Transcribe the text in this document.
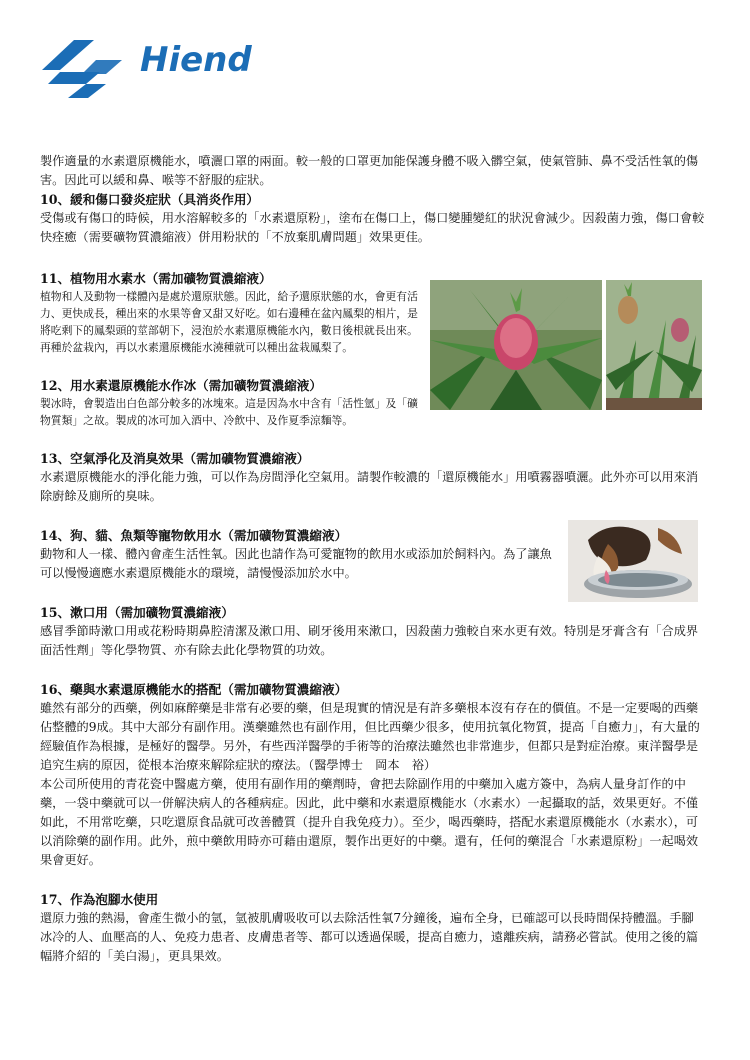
Hiend

製作適量的水素還原機能水，噴灑口罩的兩面。較一般的口罩更加能保護身體不吸入髒空氣，使氣管肺、鼻不受活性氧的傷害。因此可以緩和鼻、喉等不舒服的症狀。

10、緩和傷口發炎症狀（具消炎作用）

受傷或有傷口的時候，用水溶解較多的「水素還原粉」，塗布在傷口上，傷口變腫變紅的狀況會減少。因殺菌力強，傷口會較快痊癒（需要礦物質濃縮液）併用粉狀的「不放棄肌膚問題」效果更佳。

11、植物用水素水（需加礦物質濃縮液）

植物和人及動物一樣體內是處於還原狀態。因此，給予還原狀態的水，會更有活力、更快成長，種出來的水果等會又甜又好吃。如右邊種在盆內鳳梨的相片，是將吃剩下的鳳梨頭的莖部朝下，浸泡於水素還原機能水內，數日後根就長出來。再種於盆栽內，再以水素還原機能水澆種就可以種出盆栽鳳梨了。

12、用水素還原機能水作冰（需加礦物質濃縮液）

製冰時，會製造出白色部分較多的冰塊來。這是因為水中含有「活性氫」及「礦物質類」之故。製成的冰可加入酒中、冷飲中、及作夏季涼麵等。

13、空氣淨化及消臭效果（需加礦物質濃縮液）

水素還原機能水的淨化能力強，可以作為房間淨化空氣用。請製作較濃的「還原機能水」用噴霧器噴灑。此外亦可以用來消除廚餘及廁所的臭味。

14、狗、貓、魚類等寵物飲用水（需加礦物質濃縮液）

動物和人一樣、體內會產生活性氧。因此也請作為可愛寵物的飲用水或添加於飼料內。為了讓魚可以慢慢適應水素還原機能水的環境，請慢慢添加於水中。

15、漱口用（需加礦物質濃縮液）

感冒季節時漱口用或花粉時期鼻腔清潔及漱口用、刷牙後用來漱口，因殺菌力強較自來水更有效。特別是牙膏含有「合成界面活性劑」等化學物質、亦有除去此化學物質的功效。

16、藥與水素還原機能水的搭配（需加礦物質濃縮液）

雖然有部分的西藥，例如麻醉藥是非常有必要的藥，但是現實的情況是有許多藥根本沒有存在的價值。不是一定要喝的西藥佔整體的9成。其中大部分有副作用。漢藥雖然也有副作用，但比西藥少很多，使用抗氧化物質，提高「自癒力」，有大量的經驗值作為根據，是極好的醫學。另外，有些西洋醫學的手術等的治療法雖然也非常進步，但都只是對症治療。東洋醫學是追究生病的原因，從根本治療來解除症狀的療法。（醫學博士　岡本　裕）

本公司所使用的青花瓷中醫處方藥，使用有副作用的藥劑時，會把去除副作用的中藥加入處方簽中，為病人量身訂作的中藥，一袋中藥就可以一併解決病人的各種病症。因此，此中藥和水素還原機能水（水素水）一起攝取的話，效果更好。不僅如此，不用常吃藥，只吃還原食品就可改善體質（提升自我免疫力）。至少，喝西藥時，搭配水素還原機能水（水素水），可以消除藥的副作用。此外，煎中藥飲用時亦可藉由還原，製作出更好的中藥。還有，任何的藥混合「水素還原粉」一起喝效果會更好。

17、作為泡腳水使用

還原力強的熱湯，會產生微小的氫，氫被肌膚吸收可以去除活性氧7分鐘後，遍布全身，已確認可以長時間保持體溫。手腳冰冷的人、血壓高的人、免疫力患者、皮膚患者等、都可以透過保暖，提高自癒力，遠離疾病，請務必嘗試。使用之後的篇幅將介紹的「美白湯」，更具果效。
